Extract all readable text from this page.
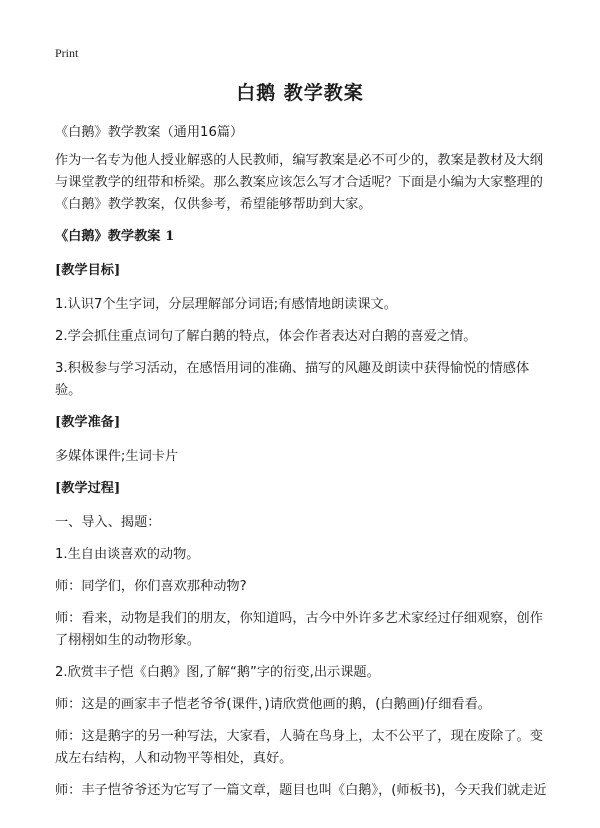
Print
白鹅 教学教案

《白鹅》教学教案（通用16篇）

作为一名专为他人授业解惑的人民教师，编写教案是必不可少的，教案是教材及大纲与课堂教学的纽带和桥梁。那么教案应该怎么写才合适呢？下面是小编为大家整理的《白鹅》教学教案，仅供参考，希望能够帮助到大家。

《白鹅》教学教案 1

[教学目标]

1.认识7个生字词，分层理解部分词语;有感情地朗读课文。

2.学会抓住重点词句了解白鹅的特点，体会作者表达对白鹅的喜爱之情。

3.积极参与学习活动，在感悟用词的准确、描写的风趣及朗读中获得愉悦的情感体验。

[教学准备]

多媒体课件;生词卡片

[教学过程]

一、导入、揭题：

1.生自由谈喜欢的动物。

师：同学们，你们喜欢那种动物?

师：看来，动物是我们的朋友，你知道吗，古今中外许多艺术家经过仔细观察，创作了栩栩如生的动物形象。

2.欣赏丰子恺《白鹅》图,了解“鹅”字的衍变,出示课题。

师：这是的画家丰子恺老爷爷(课件，)请欣赏他画的鹅，(白鹅画)仔细看看。

师：这是鹅字的另一种写法，大家看，人骑在鸟身上，太不公平了，现在废除了。变成左右结构，人和动物平等相处，真好。

师：丰子恺爷爷还为它写了一篇文章，题目也叫《白鹅》，(师板书)，今天我们就走近
